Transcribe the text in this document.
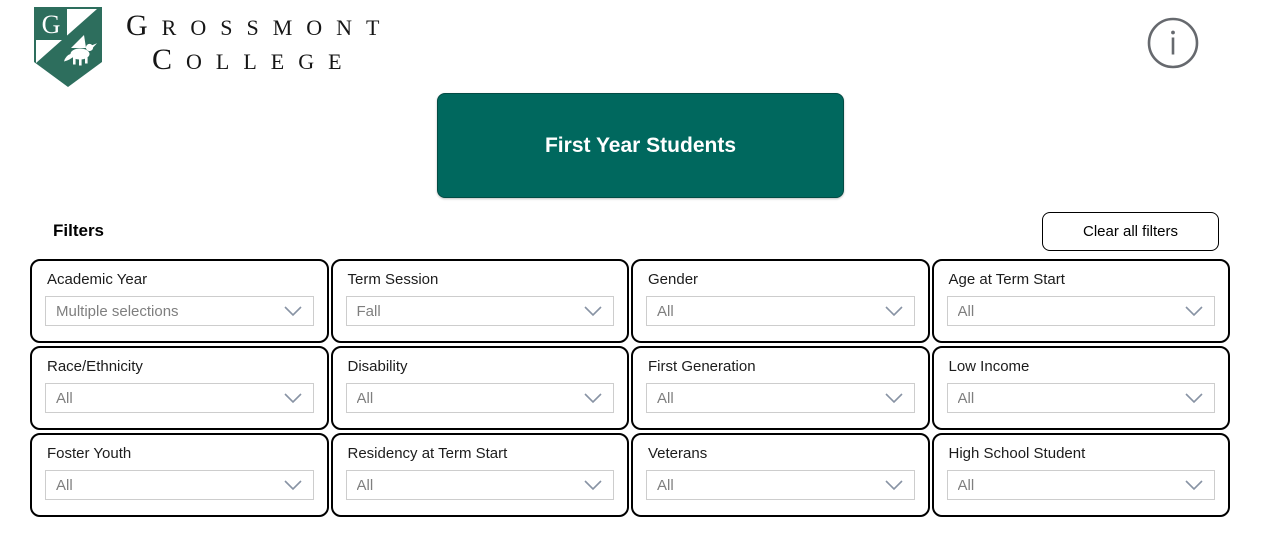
G	GROSSMONT
COLLEGE
First Year Students
Filters	Clear all filters
Academic Year
Multiple selections
Term Session
Fall
Gender
All
Age at Term Start
All
Race/Ethnicity
All
Disability
All
First Generation
All
Low Income
All
Foster Youth
All
Residency at Term Start
All
Veterans
All
High School Student
All
